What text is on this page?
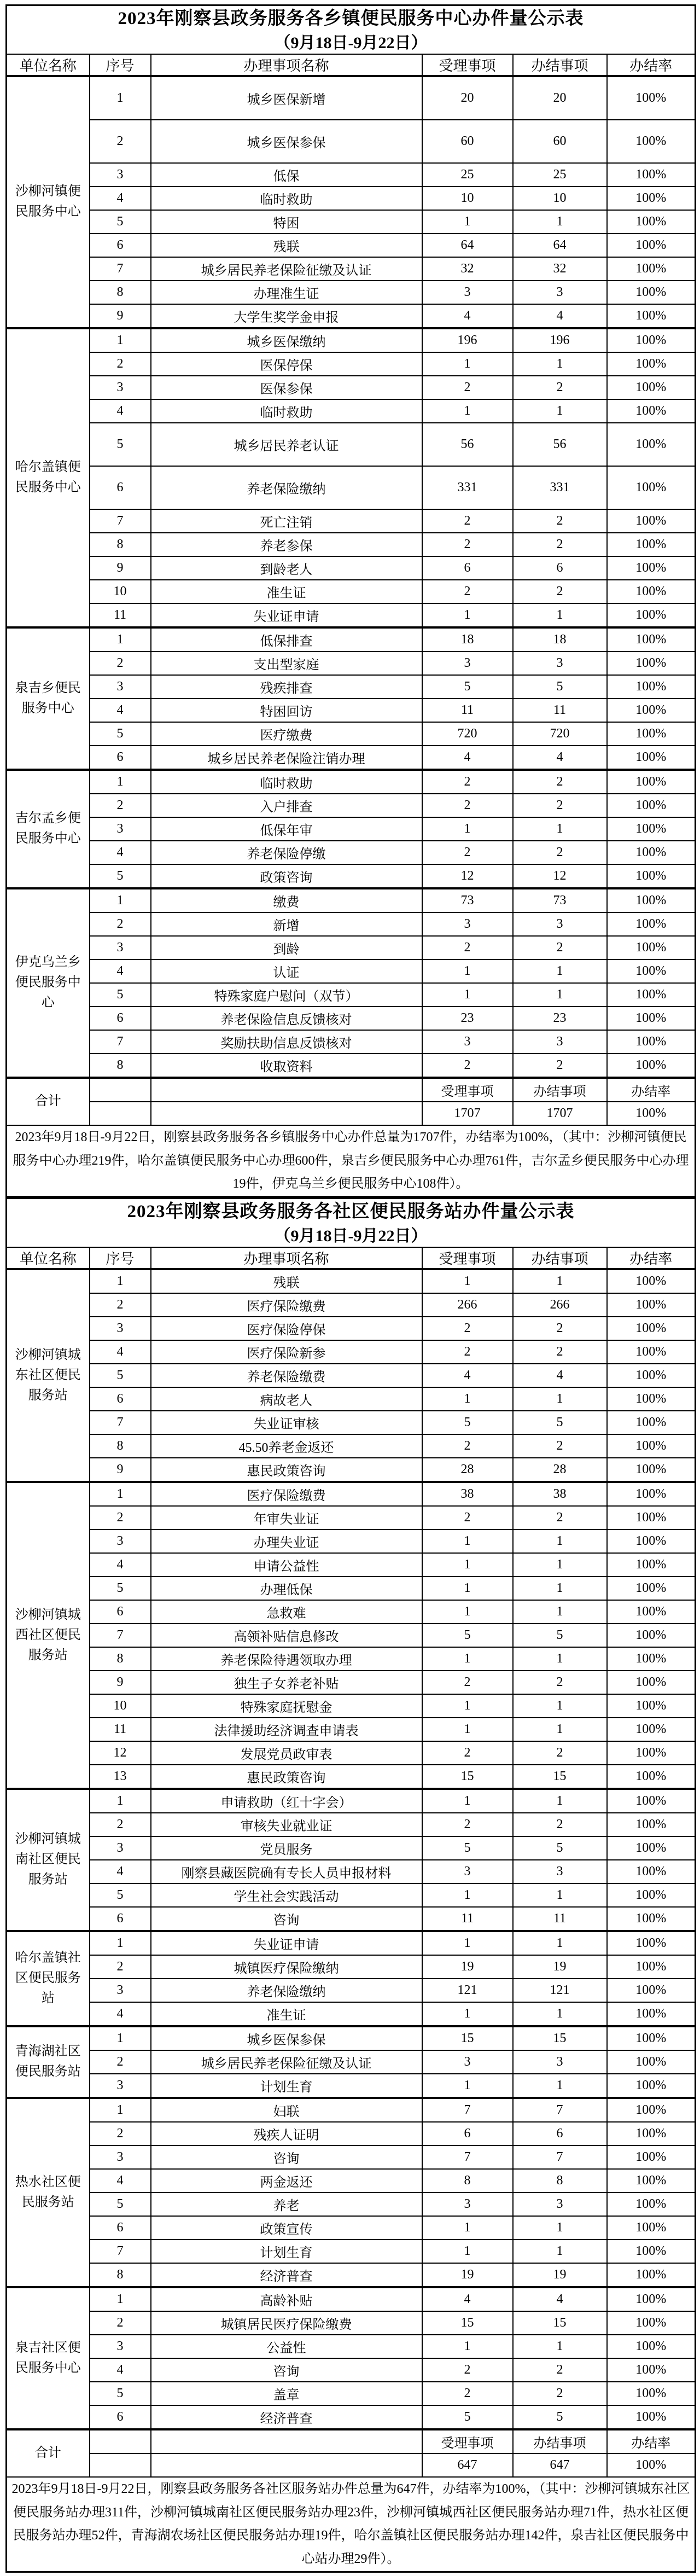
2023年刚察县政务服务各乡镇便民服务中心办件量公示表
（9月18日-9月22日）					

单位名称	序号	办理事项名称	受理事项	办结事项	办结率
沙柳河镇便民服务中心	1	城乡医保新增	20	20	100%
	2	城乡医保参保	60	60	100%
	3	低保	25	25	100%
	4	临时救助	10	10	100%
	5	特困	1	1	100%
	6	残联	64	64	100%
	7	城乡居民养老保险征缴及认证	32	32	100%
	8	办理准生证	3	3	100%
	9	大学生奖学金申报	4	4	100%
哈尔盖镇便民服务中心	1	城乡医保缴纳	196	196	100%
	2	医保停保	1	1	100%
	3	医保参保	2	2	100%
	4	临时救助	1	1	100%
	5	城乡居民养老认证	56	56	100%
	6	养老保险缴纳	331	331	100%
	7	死亡注销	2	2	100%
	8	养老参保	2	2	100%
	9	到龄老人	6	6	100%
	10	准生证	2	2	100%
	11	失业证申请	1	1	100%
泉吉乡便民服务中心	1	低保排查	18	18	100%
	2	支出型家庭	3	3	100%
	3	残疾排查	5	5	100%
	4	特困回访	11	11	100%
	5	医疗缴费	720	720	100%
	6	城乡居民养老保险注销办理	4	4	100%
吉尔孟乡便民服务中心	1	临时救助	2	2	100%
	2	入户排查	2	2	100%
	3	低保年审	1	1	100%
	4	养老保险停缴	2	2	100%
	5	政策咨询	12	12	100%
伊克乌兰乡便民服务中心	1	缴费	73	73	100%
	2	新增	3	3	100%
	3	到龄	2	2	100%
	4	认证	1	1	100%
	5	特殊家庭户慰问（双节）	1	1	100%
	6	养老保险信息反馈核对	23	23	100%
	7	奖励扶助信息反馈核对	3	3	100%
	8	收取资料	2	2	100%
合计			受理事项	办结事项	办结率
			1707	1707	100%
2023年9月18日-9月22日，刚察县政务服务各乡镇服务中心办件总量为1707件，办结率为100%，（其中：沙柳河镇便民服务中心办理219件，哈尔盖镇便民服务中心办理600件，泉吉乡便民服务中心办理761件，吉尔孟乡便民服务中心办理19件，伊克乌兰乡便民服务中心108件）。					
2023年刚察县政务服务各社区便民服务站办件量公示表
（9月18日-9月22日）					

单位名称	序号	办理事项名称	受理事项	办结事项	办结率
沙柳河镇城东社区便民服务站	1	残联	1	1	100%
	2	医疗保险缴费	266	266	100%
	3	医疗保险停保	2	2	100%
	4	医疗保险新参	2	2	100%
	5	养老保险缴费	4	4	100%
	6	病故老人	1	1	100%
	7	失业证审核	5	5	100%
	8	45.50养老金返还	2	2	100%
	9	惠民政策咨询	28	28	100%
沙柳河镇城西社区便民服务站	1	医疗保险缴费	38	38	100%
	2	年审失业证	2	2	100%
	3	办理失业证	1	1	100%
	4	申请公益性	1	1	100%
	5	办理低保	1	1	100%
	6	急救难	1	1	100%
	7	高领补贴信息修改	5	5	100%
	8	养老保险待遇领取办理	1	1	100%
	9	独生子女养老补贴	2	2	100%
	10	特殊家庭抚慰金	1	1	100%
	11	法律援助经济调查申请表	1	1	100%
	12	发展党员政审表	2	2	100%
	13	惠民政策咨询	15	15	100%
沙柳河镇城南社区便民服务站	1	申请救助（红十字会）	1	1	100%
	2	审核失业就业证	2	2	100%
	3	党员服务	5	5	100%
	4	刚察县藏医院确有专长人员申报材料	3	3	100%
	5	学生社会实践活动	1	1	100%
	6	咨询	11	11	100%
哈尔盖镇社区便民服务站	1	失业证申请	1	1	100%
	2	城镇医疗保险缴纳	19	19	100%
	3	养老保险缴纳	121	121	100%
	4	准生证	1	1	100%
青海湖社区便民服务站	1	城乡医保参保	15	15	100%
	2	城乡居民养老保险征缴及认证	3	3	100%
	3	计划生育	1	1	100%
热水社区便民服务站	1	妇联	7	7	100%
	2	残疾人证明	6	6	100%
	3	咨询	7	7	100%
	4	两金返还	8	8	100%
	5	养老	3	3	100%
	6	政策宣传	1	1	100%
	7	计划生育	1	1	100%
	8	经济普查	19	19	100%
泉吉社区便民服务中心	1	高龄补贴	4	4	100%
	2	城镇居民医疗保险缴费	15	15	100%
	3	公益性	1	1	100%
	4	咨询	2	2	100%
	5	盖章	2	2	100%
	6	经济普查	5	5	100%
合计			受理事项	办结事项	办结率
			647	647	100%
2023年9月18日-9月22日，刚察县政务服务各社区服务站办件总量为647件，办结率为100%，（其中：沙柳河镇城东社区便民服务站办理311件，沙柳河镇城南社区便民服务站办理23件，沙柳河镇城西社区便民服务站办理71件，热水社区便民服务站办理52件，青海湖农场社区便民服务站办理19件，哈尔盖镇社区便民服务站办理142件，泉吉社区便民服务中心站办理29件）。					
